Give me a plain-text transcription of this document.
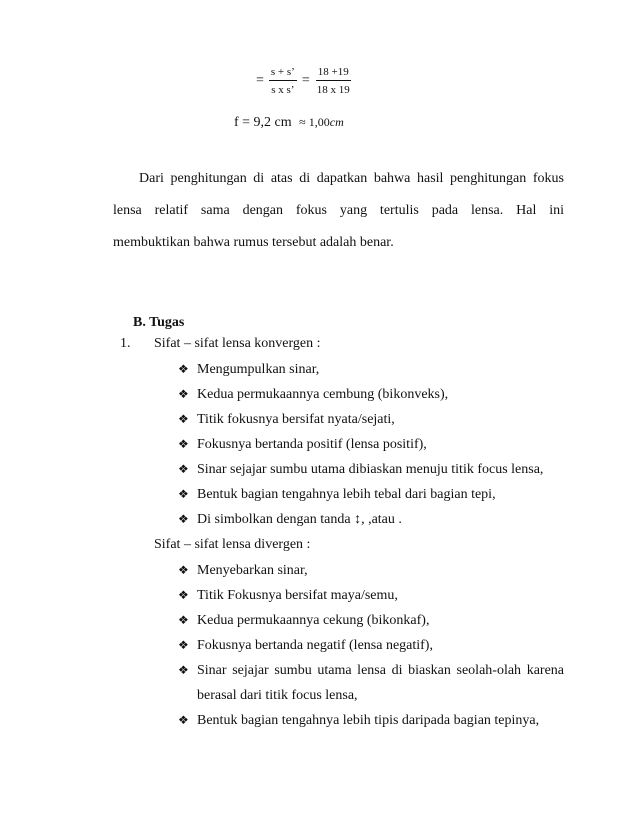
= $\frac{s + s’}{\text{s x s’}} = \frac{18 +19}{18 x 19}$
f = 9,2 cm ≈ 1,00cm
Dari penghitungan di atas di dapatkan bahwa hasil penghitungan fokus
lensa relatif sama dengan fokus yang tertulis pada lensa. Hal ini
membuktikan bahwa rumus tersebut adalah benar.
B. Tugas
1. Sifat – sifat lensa konvergen :
❖ Mengumpulkan sinar,
❖ Kedua permukaannya cembung (bikonveks),
❖ Titik fokusnya bersifat nyata/sejati,
❖ Fokusnya bertanda positif (lensa positif),
❖ Sinar sejajar sumbu utama dibiaskan menuju titik focus lensa,
❖ Bentuk bagian tengahnya lebih tebal dari bagian tepi,
❖ Di simbolkan dengan tanda ↕, ,atau .
Sifat – sifat lensa divergen :
❖ Menyebarkan sinar,
❖ Titik Fokusnya bersifat maya/semu,
❖ Kedua permukaannya cekung (bikonkaf),
❖ Fokusnya bertanda negatif (lensa negatif),
❖ Sinar sejajar sumbu utama lensa di biaskan seolah-olah karena berasal dari titik focus lensa,
❖ Bentuk bagian tengahnya lebih tipis daripada bagian tepinya,
